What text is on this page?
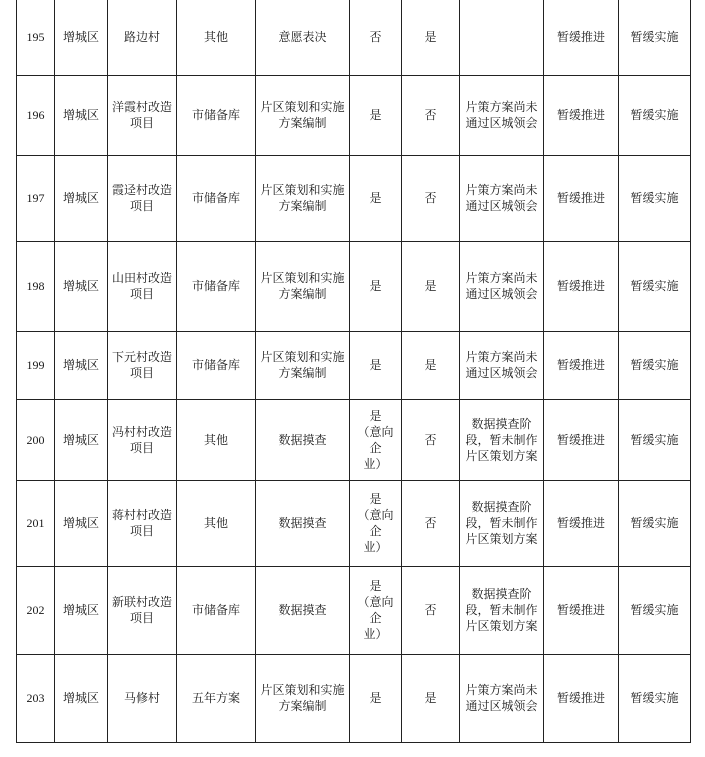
195	增城区	路边村	其他	意愿表决	否	是		暂缓推进	暂缓实施
196	增城区	洋霞村改造
项目	市储备库	片区策划和实施
方案编制	是	否	片策方案尚未
通过区城领会	暂缓推进	暂缓实施
197	增城区	霞迳村改造
项目	市储备库	片区策划和实施
方案编制	是	否	片策方案尚未
通过区城领会	暂缓推进	暂缓实施
198	增城区	山田村改造
项目	市储备库	片区策划和实施
方案编制	是	是	片策方案尚未
通过区城领会	暂缓推进	暂缓实施
199	增城区	下元村改造
项目	市储备库	片区策划和实施
方案编制	是	是	片策方案尚未
通过区城领会	暂缓推进	暂缓实施
200	增城区	冯村村改造
项目	其他	数据摸查	是
（意向企
业）	否	数据摸查阶
段，暂未制作
片区策划方案	暂缓推进	暂缓实施
201	增城区	蒋村村改造
项目	其他	数据摸查	是
（意向企
业）	否	数据摸查阶
段，暂未制作
片区策划方案	暂缓推进	暂缓实施
202	增城区	新联村改造
项目	市储备库	数据摸查	是
（意向企
业）	否	数据摸查阶
段，暂未制作
片区策划方案	暂缓推进	暂缓实施
203	增城区	马修村	五年方案	片区策划和实施
方案编制	是	是	片策方案尚未
通过区城领会	暂缓推进	暂缓实施
